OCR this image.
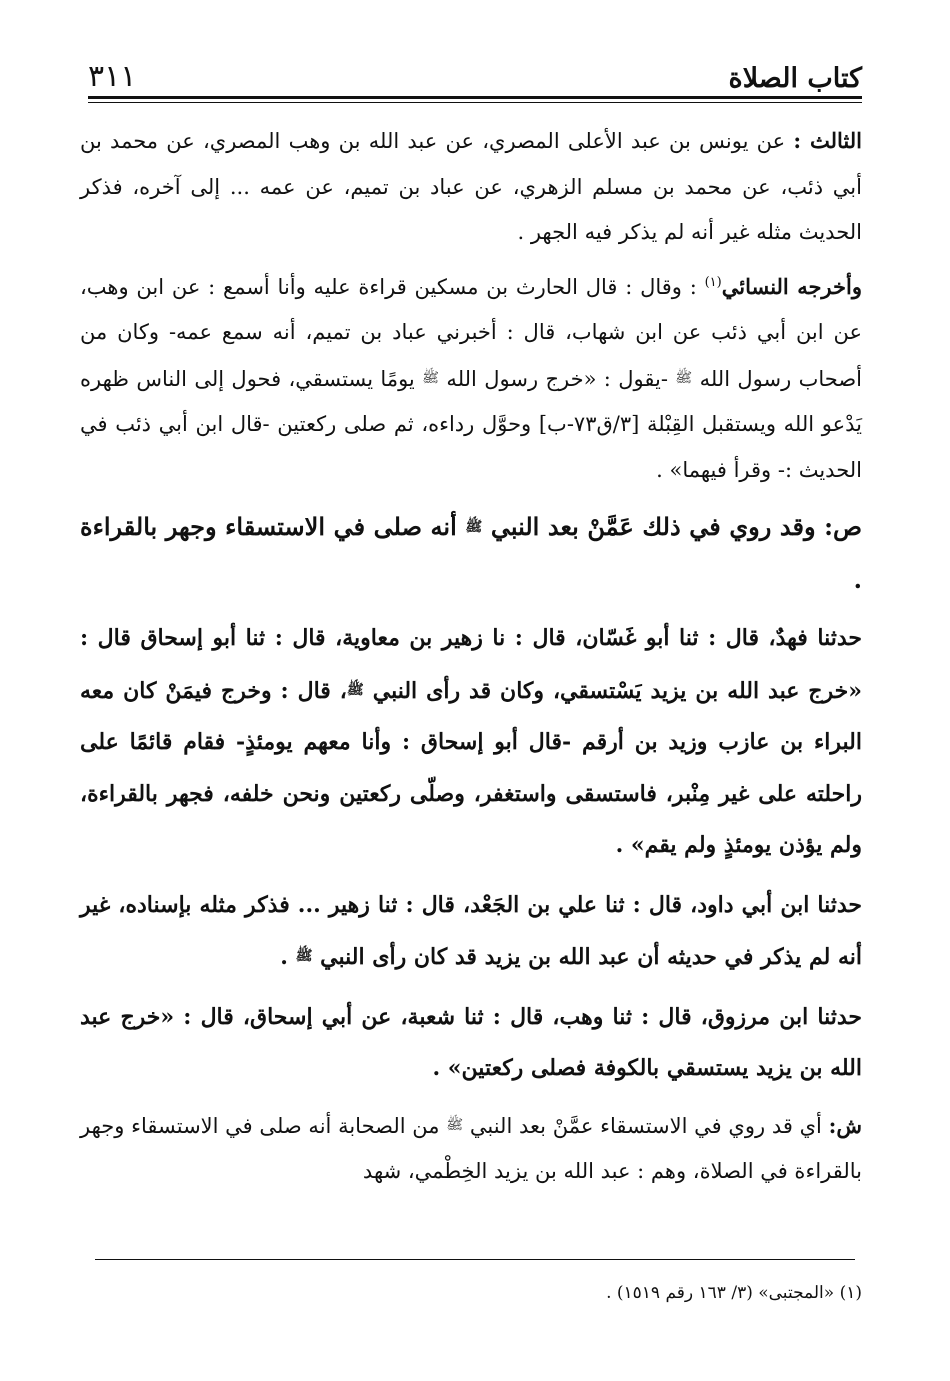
كتاب الصلاة
٣١١

الثالث : عن يونس بن عبد الأعلى المصري، عن عبد الله بن وهب المصري، عن محمد بن أبي ذئب، عن محمد بن مسلم الزهري، عن عباد بن تميم، عن عمه ... إلى آخره، فذكر الحديث مثله غير أنه لم يذكر فيه الجهر .

وأخرجه النسائي$^{(١)}$ : وقال : قال الحارث بن مسكين قراءة عليه وأنا أسمع : عن ابن وهب، عن ابن أبي ذئب عن ابن شهاب، قال : أخبرني عباد بن تميم، أنه سمع عمه- وكان من أصحاب رسول الله ﷺ -يقول : «خرج رسول الله ﷺ يومًا يستسقي، فحول إلى الناس ظهره يَدْعو الله ويستقبل القِبْلة [٣/ق٧٣-ب] وحوَّل رداءه، ثم صلى ركعتين -قال ابن أبي ذئب في الحديث :- وقرأ فيهما» .

ص: وقد روي في ذلك عَمَّنْ بعد النبي ﷺ أنه صلى في الاستسقاء وجهر بالقراءة .

حدثنا فهدٌ، قال : ثنا أبو غَسّان، قال : نا زهير بن معاوية، قال : ثنا أبو إسحاق قال : «خرج عبد الله بن يزيد يَسْتسقي، وكان قد رأى النبي ﷺ، قال : وخرج فيمَنْ كان معه البراء بن عازب وزيد بن أرقم -قال أبو إسحاق : وأنا معهم يومئذٍ- فقام قائمًا على راحلته على غير مِنْبر، فاستسقى واستغفر، وصلّى ركعتين ونحن خلفه، فجهر بالقراءة، ولم يؤذن يومئذٍ ولم يقم» .

حدثنا ابن أبي داود، قال : ثنا علي بن الجَعْد، قال : ثنا زهير ... فذكر مثله بإسناده، غير أنه لم يذكر في حديثه أن عبد الله بن يزيد قد كان رأى النبي ﷺ .

حدثنا ابن مرزوق، قال : ثنا وهب، قال : ثنا شعبة، عن أبي إسحاق، قال : «خرج عبد الله بن يزيد يستسقي بالكوفة فصلى ركعتين» .

ش: أي قد روي في الاستسقاء عمَّنْ بعد النبي ﷺ من الصحابة أنه صلى في الاستسقاء وجهر بالقراءة في الصلاة، وهم : عبد الله بن يزيد الخِطْمي، شهد

(١) «المجتبى» (٣/ ١٦٣ رقم ١٥١٩) .
